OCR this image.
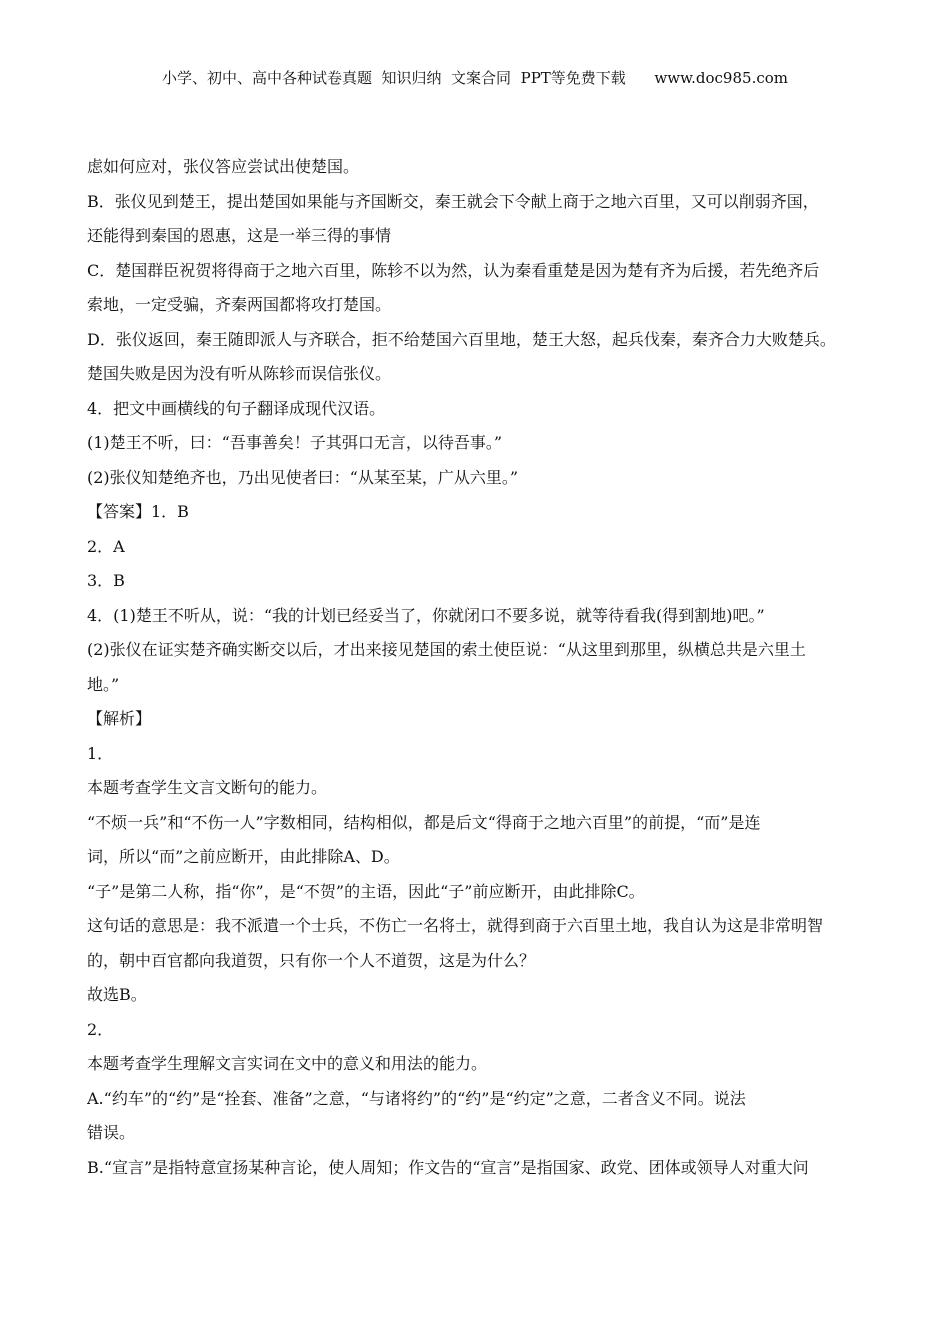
小学、初中、高中各种试卷真题  知识归纳  文案合同  PPT等免费下载      www.doc985.com
虑如何应对，张仪答应尝试出使楚国。
B．张仪见到楚王，提出楚国如果能与齐国断交，秦王就会下令献上商于之地六百里，又可以削弱齐国，
还能得到秦国的恩惠，这是一举三得的事情
C．楚国群臣祝贺将得商于之地六百里，陈轸不以为然，认为秦看重楚是因为楚有齐为后援，若先绝齐后
索地，一定受骗，齐秦两国都将攻打楚国。
D．张仪返回，秦王随即派人与齐联合，拒不给楚国六百里地，楚王大怒，起兵伐秦，秦齐合力大败楚兵。
楚国失败是因为没有听从陈轸而误信张仪。
4．把文中画横线的句子翻译成现代汉语。
(1)楚王不听，曰：“吾事善矣！子其弭口无言，以待吾事。”
(2)张仪知楚绝齐也，乃出见使者曰：“从某至某，广从六里。”
【答案】1．B
2．A
3．B
4．(1)楚王不听从，说：“我的计划已经妥当了，你就闭口不要多说，就等待看我(得到割地)吧。”
(2)张仪在证实楚齐确实断交以后，才出来接见楚国的索土使臣说：“从这里到那里，纵横总共是六里土
地。”
【解析】
1．
本题考查学生文言文断句的能力。
“不烦一兵”和“不伤一人”字数相同，结构相似，都是后文“得商于之地六百里”的前提，“而”是连
词，所以“而”之前应断开，由此排除A、D。
“子”是第二人称，指“你”，是“不贺”的主语，因此“子”前应断开，由此排除C。
这句话的意思是：我不派遣一个士兵，不伤亡一名将士，就得到商于六百里土地，我自认为这是非常明智
的，朝中百官都向我道贺，只有你一个人不道贺，这是为什么？
故选B。
2．
本题考查学生理解文言实词在文中的意义和用法的能力。
A.“约车”的“约”是“拴套、准备”之意，“与诸将约”的“约”是“约定”之意，二者含义不同。说法
错误。
B.“宣言”是指特意宣扬某种言论，使人周知；作文告的“宣言”是指国家、政党、团体或领导人对重大问
